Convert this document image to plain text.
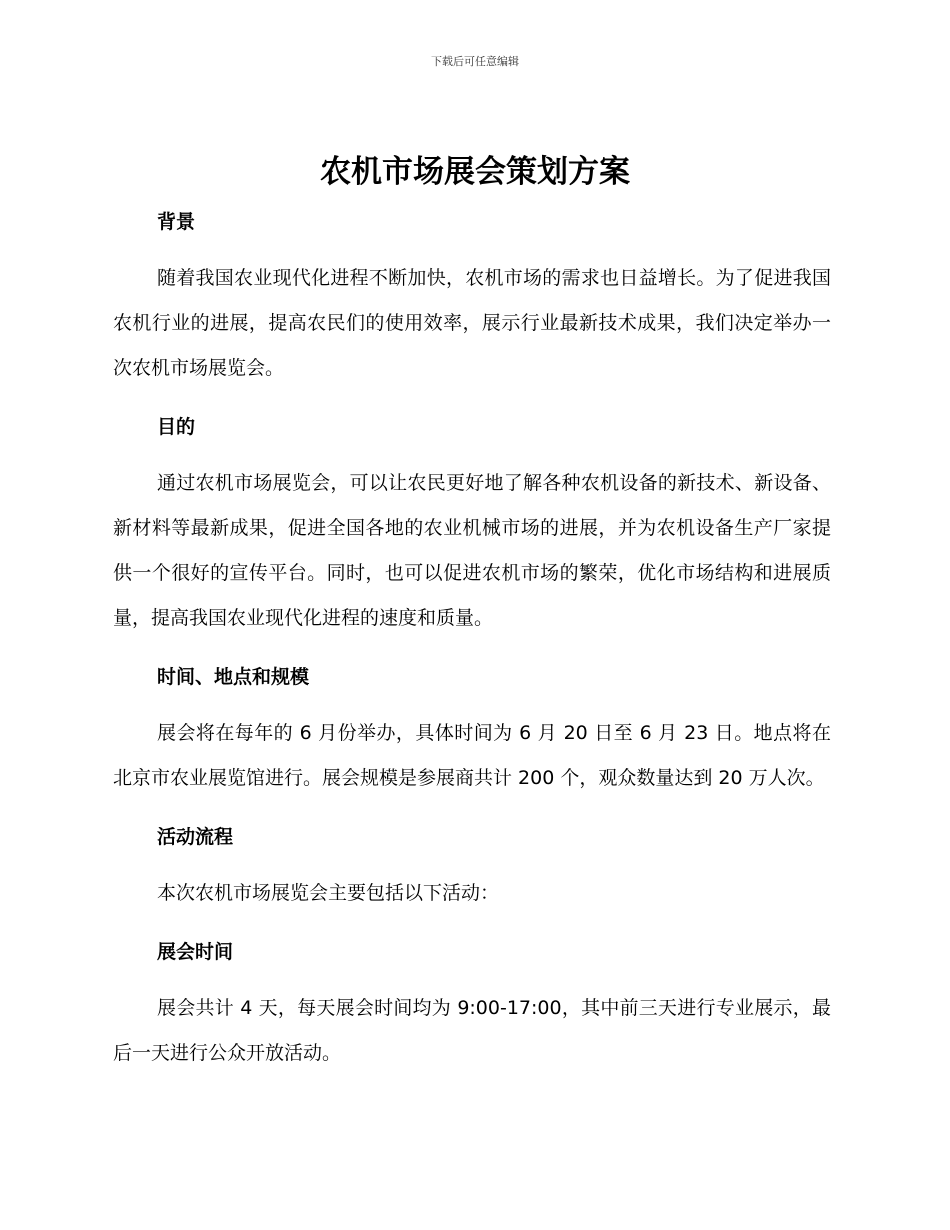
下载后可任意编辑
农机市场展会策划方案

背景

随着我国农业现代化进程不断加快，农机市场的需求也日益增长。为了促进我国农机行业的进展，提高农民们的使用效率，展示行业最新技术成果，我们决定举办一次农机市场展览会。

目的

通过农机市场展览会，可以让农民更好地了解各种农机设备的新技术、新设备、新材料等最新成果，促进全国各地的农业机械市场的进展，并为农机设备生产厂家提供一个很好的宣传平台。同时，也可以促进农机市场的繁荣，优化市场结构和进展质量，提高我国农业现代化进程的速度和质量。

时间、地点和规模

展会将在每年的 6 月份举办，具体时间为 6 月 20 日至 6 月 23 日。地点将在北京市农业展览馆进行。展会规模是参展商共计 200 个，观众数量达到 20 万人次。

活动流程

本次农机市场展览会主要包括以下活动：

展会时间

展会共计 4 天，每天展会时间均为 9:00-17:00，其中前三天进行专业展示，最后一天进行公众开放活动。
